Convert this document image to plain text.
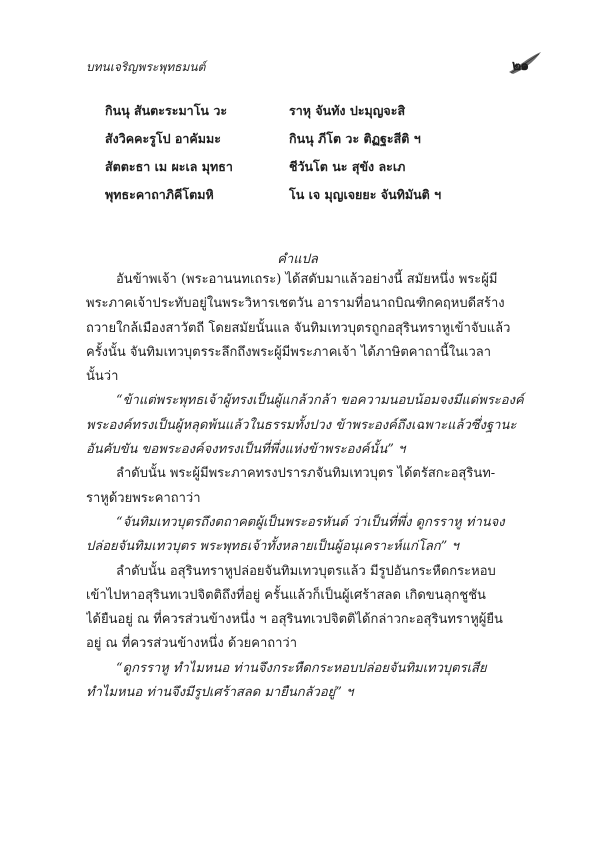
บทนเจริญพระพุทธมนต์	๒๑
กินนุ สันตะระมาโน วะ	ราหุ จันทัง ปะมุญจะสิ
สังวิคคะรูโป อาคัมมะ	กินนุ ภีโต วะ ติฏฐะสีติ ฯ
สัตตะธา เม ผะเล มุทธา	ชีวันโต นะ สุขัง ละเภ
พุทธะคาถาภิคีโตมหิ	โน เจ มุญเจยยะ จันทิมันติ ฯ
คำแปล
อันข้าพเจ้า (พระอานนทเถระ) ได้สดับมาแล้วอย่างนี้ สมัยหนึ่ง พระผู้มี
พระภาคเจ้าประทับอยู่ในพระวิหารเชตวัน อารามที่อนาถบิณฑิกคฤหบดีสร้าง
ถวายใกล้เมืองสาวัตถี โดยสมัยนั้นแล จันทิมเทวบุตรถูกอสุรินทราหูเข้าจับแล้ว
ครั้งนั้น จันทิมเทวบุตรระลึกถึงพระผู้มีพระภาคเจ้า ได้ภาษิตคาถานี้ในเวลา
นั้นว่า
“ข้าแต่พระพุทธเจ้าผู้ทรงเป็นผู้แกล้วกล้า ขอความนอบน้อมจงมีแด่พระองค์
พระองค์ทรงเป็นผู้หลุดพ้นแล้วในธรรมทั้งปวง ข้าพระองค์ถึงเฉพาะแล้วซึ่งฐานะ
อันคับขัน ขอพระองค์จงทรงเป็นที่พึ่งแห่งข้าพระองค์นั้น” ฯ
ลำดับนั้น พระผู้มีพระภาคทรงปรารภจันทิมเทวบุตร ได้ตรัสกะอสุรินท-
ราหูด้วยพระคาถาว่า
“จันทิมเทวบุตรถึงตถาคตผู้เป็นพระอรหันต์ ว่าเป็นที่พึ่ง ดูกรราหู ท่านจง
ปล่อยจันทิมเทวบุตร พระพุทธเจ้าทั้งหลายเป็นผู้อนุเคราะห์แก่โลก” ฯ
ลำดับนั้น อสุรินทราหูปล่อยจันทิมเทวบุตรแล้ว มีรูปอันกระหืดกระหอบ
เข้าไปหาอสุรินทเวปจิตติถึงที่อยู่ ครั้นแล้วก็เป็นผู้เศร้าสลด เกิดขนลุกชูชัน
ได้ยืนอยู่ ณ ที่ควรส่วนข้างหนึ่ง ฯ อสุรินทเวปจิตติได้กล่าวกะอสุรินทราหูผู้ยืน
อยู่ ณ ที่ควรส่วนข้างหนึ่ง ด้วยคาถาว่า
“ดูกรราหู ทำไมหนอ ท่านจึงกระหืดกระหอบปล่อยจันทิมเทวบุตรเสีย
ทำไมหนอ ท่านจึงมีรูปเศร้าสลด มายืนกลัวอยู่” ฯ
